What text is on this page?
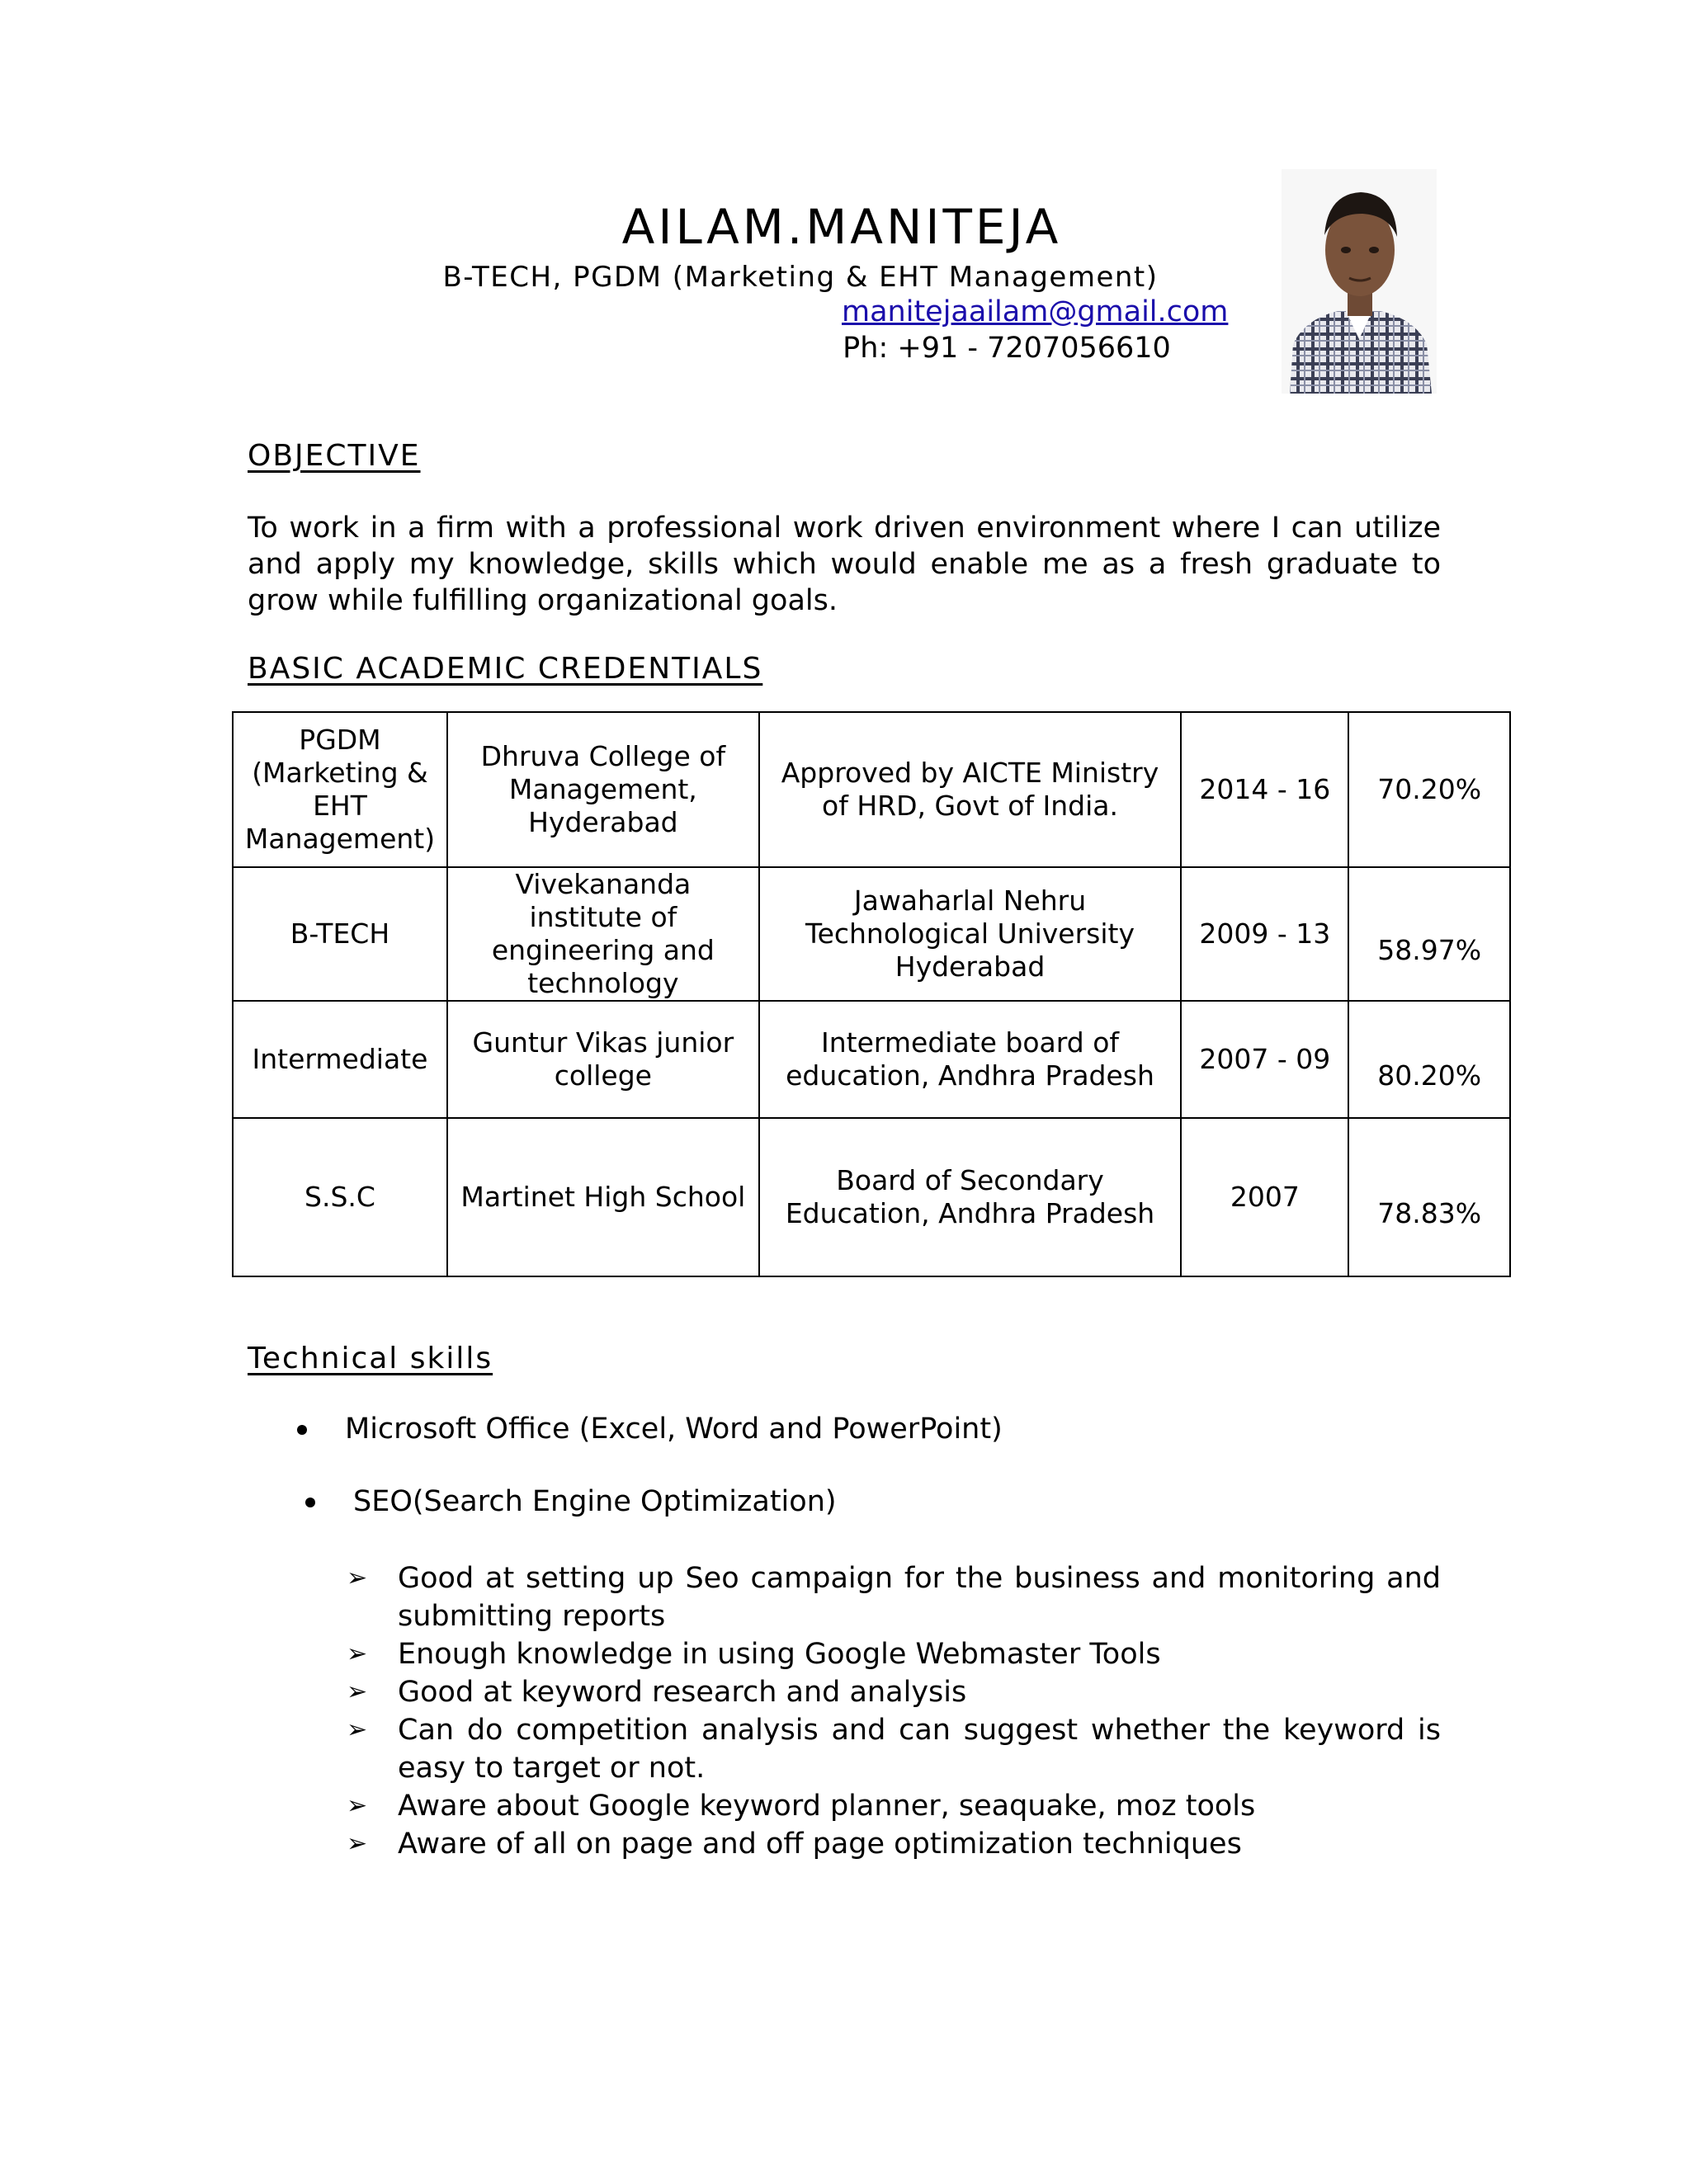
AILAM.MANITEJA
B-TECH, PGDM (Marketing & EHT Management)
manitejaailam@gmail.com
Ph: +91 - 7207056610
OBJECTIVE
To work in a firm with a professional work driven environment where I can utilize and apply my knowledge, skills which would enable me as a fresh graduate to grow while fulfilling organizational goals.
BASIC ACADEMIC CREDENTIALS
PGDM (Marketing & EHT Management)	Dhruva College of Management, Hyderabad	Approved by AICTE Ministry of HRD, Govt of India.	2014 - 16	70.20%
B-TECH	Vivekananda institute of engineering and technology	Jawaharlal Nehru Technological University Hyderabad	2009 - 13	58.97%
Intermediate	Guntur Vikas junior college	Intermediate board of education, Andhra Pradesh	2007 - 09	80.20%
S.S.C	Martinet High School	Board of Secondary Education, Andhra Pradesh	2007	78.83%
Technical skills
Microsoft Office (Excel, Word and PowerPoint)
SEO(Search Engine Optimization)
➢ Good at setting up Seo campaign for the business and monitoring and submitting reports
➢ Enough knowledge in using Google Webmaster Tools
➢ Good at keyword research and analysis
➢ Can do competition analysis and can suggest whether the keyword is easy to target or not.
➢ Aware about Google keyword planner, seaquake, moz tools
➢ Aware of all on page and off page optimization techniques
